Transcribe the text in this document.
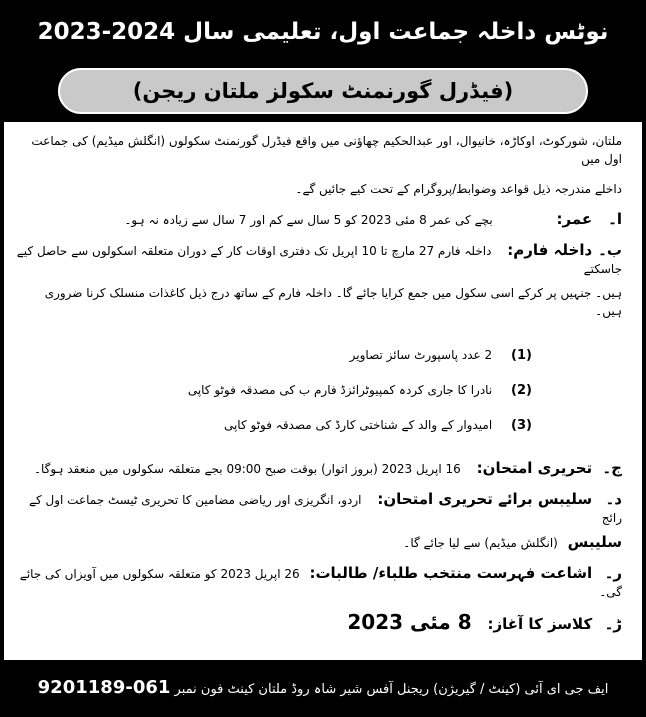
نوٹس داخلہ جماعت اول، تعلیمی سال 2024-2023
(فیڈرل گورنمنٹ سکولز ملتان ریجن)
ملتان، شورکوٹ، اوکاڑہ، خانیوال، اور عبدالحکیم چھاؤنی میں واقع فیڈرل گورنمنٹ سکولوں (انگلش میڈیم) کی جماعت اول میں
داخلے مندرجہ ذیل قواعد وضوابط/پروگرام کے تحت کیے جائیں گے۔
ا۔ عمر: بچے کی عمر 8 مئی 2023 کو 5 سال سے کم اور 7 سال سے زیادہ نہ ہو۔
ب۔ داخلہ فارم: داخلہ فارم 27 مارچ تا 10 اپریل تک دفتری اوقات کار کے دوران متعلقہ اسکولوں سے حاصل کیے جاسکتے
ہیں۔ جنہیں پر کرکے اسی سکول میں جمع کرایا جائے گا۔ داخلہ فارم کے ساتھ درج ذیل کاغذات منسلک کرنا ضروری ہیں۔
(1) 2 عدد پاسپورٹ سائز تصاویر
(2) نادرا کا جاری کردہ کمپیوٹرائزڈ فارم ب کی مصدقہ فوٹو کاپی
(3) امیدوار کے والد کے شناختی کارڈ کی مصدقہ فوٹو کاپی
ج۔ تحریری امتحان: 16 اپریل 2023 (بروز اتوار) بوقت صبح 09:00 بجے متعلقہ سکولوں میں منعقد ہوگا۔
د۔ سلیبس برائے تحریری امتحان: اردو، انگریزی اور ریاضی مضامین کا تحریری ٹیسٹ جماعت اول کے رائج
سلیبس (انگلش میڈیم) سے لیا جائے گا۔
ر۔ اشاعت فہرست منتخب طلباء/ طالبات: 26 اپریل 2023 کو متعلقہ سکولوں میں آویزاں کی جائے گی۔
ڑ۔ کلاسز کا آغاز: 8 مئی 2023
ایف جی ای آئی (کینٹ / گیریژن) ریجنل آفس شیر شاہ روڈ ملتان کینٹ فون نمبر 061-9201189
